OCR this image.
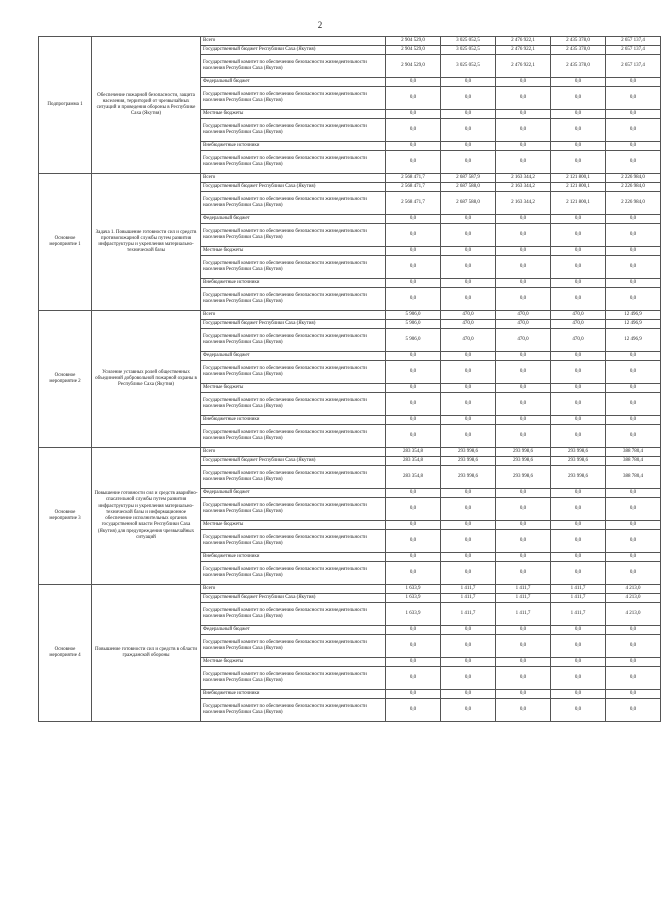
2
Подпрограмма 1	Обеспечение пожарной безопасности, защита населения, территорий от чрезвычайных ситуаций и проведения обороны в Республике Саха (Якутия)	Всего	2 904 529,0	3 025 052,5	2 476 922,1	2 435 378,0	2 657 137,4
		Государственный бюджет Республики Саха (Якутия)	2 904 529,0	3 025 052,5	2 476 922,1	2 435 378,0	2 657 137,4
		Государственный комитет по обеспечению безопасности жизнедеятельности населения Республики Саха (Якутия)	2 904 529,0	3 025 052,5	2 476 922,1	2 435 378,0	2 657 137,4
		Федеральный бюджет	0,0	0,0	0,0	0,0	0,0
		Государственный комитет по обеспечению безопасности жизнедеятельности населения Республики Саха (Якутия)	0,0	0,0	0,0	0,0	0,0
		Местные бюджеты	0,0	0,0	0,0	0,0	0,0
		Государственный комитет по обеспечению безопасности жизнедеятельности населения Республики Саха (Якутия)	0,0	0,0	0,0	0,0	0,0
		Внебюджетные источники	0,0	0,0	0,0	0,0	0,0
		Государственный комитет по обеспечению безопасности жизнедеятельности населения Республики Саха (Якутия)	0,0	0,0	0,0	0,0	0,0
Основное мероприятие 1	Задача 1. Повышение готовности сил и средств противопожарной службы путем развития инфраструктуры и укрепления материально-технической базы	Всего	2 568 471,7	2 687 587,9	2 163 344,2	2 121 800,1	2 226 984,0
		Государственный бюджет Республики Саха (Якутия)	2 568 471,7	2 687 588,0	2 163 344,2	2 121 800,1	2 226 984,0
		Государственный комитет по обеспечению безопасности жизнедеятельности населения Республики Саха (Якутия)	2 568 471,7	2 687 588,0	2 163 344,2	2 121 800,1	2 226 984,0
		Федеральный бюджет	0,0	0,0	0,0	0,0	0,0
		Государственный комитет по обеспечению безопасности жизнедеятельности населения Республики Саха (Якутия)	0,0	0,0	0,0	0,0	0,0
		Местные бюджеты	0,0	0,0	0,0	0,0	0,0
		Государственный комитет по обеспечению безопасности жизнедеятельности населения Республики Саха (Якутия)	0,0	0,0	0,0	0,0	0,0
		Внебюджетные источники	0,0	0,0	0,0	0,0	0,0
		Государственный комитет по обеспечению безопасности жизнедеятельности населения Республики Саха (Якутия)	0,0	0,0	0,0	0,0	0,0
Основное мероприятие 2	Усиление уставных ролей общественных объединений добровольной пожарной охраны в Республике Саха (Якутия)	Всего	5 906,0	470,0	470,0	470,0	12 496,9
		Государственный бюджет Республики Саха (Якутия)	5 906,0	470,0	470,0	470,0	12 496,9
		Государственный комитет по обеспечению безопасности жизнедеятельности населения Республики Саха (Якутия)	5 906,0	470,0	470,0	470,0	12 496,9
		Федеральный бюджет	0,0	0,0	0,0	0,0	0,0
		Государственный комитет по обеспечению безопасности жизнедеятельности населения Республики Саха (Якутия)	0,0	0,0	0,0	0,0	0,0
		Местные бюджеты	0,0	0,0	0,0	0,0	0,0
		Государственный комитет по обеспечению безопасности жизнедеятельности населения Республики Саха (Якутия)	0,0	0,0	0,0	0,0	0,0
		Внебюджетные источники	0,0	0,0	0,0	0,0	0,0
		Государственный комитет по обеспечению безопасности жизнедеятельности населения Республики Саха (Якутия)	0,0	0,0	0,0	0,0	0,0
Основное мероприятие 3	Повышение готовности сил и средств аварийно-спасательной службы путем развития инфраструктуры и укрепления материально-технической базы и информационное обеспечение исполнительных органов государственной власти Республики Саха (Якутия) для предупреждения чрезвычайных ситуаций	Всего	283 354,8	293 998,6	293 998,6	293 998,6	388 780,4
		Государственный бюджет Республики Саха (Якутия)	283 354,8	293 998,6	293 998,6	293 998,6	388 780,4
		Государственный комитет по обеспечению безопасности жизнедеятельности населения Республики Саха (Якутия)	283 354,8	293 998,6	293 998,6	293 998,6	388 780,4
		Федеральный бюджет	0,0	0,0	0,0	0,0	0,0
		Государственный комитет по обеспечению безопасности жизнедеятельности населения Республики Саха (Якутия)	0,0	0,0	0,0	0,0	0,0
		Местные бюджеты	0,0	0,0	0,0	0,0	0,0
		Государственный комитет по обеспечению безопасности жизнедеятельности населения Республики Саха (Якутия)	0,0	0,0	0,0	0,0	0,0
		Внебюджетные источники	0,0	0,0	0,0	0,0	0,0
		Государственный комитет по обеспечению безопасности жизнедеятельности населения Республики Саха (Якутия)	0,0	0,0	0,0	0,0	0,0
Основное мероприятие 4	Повышение готовности сил и средств в области гражданской обороны	Всего	1 633,9	1 411,7	1 411,7	1 411,7	4 213,0
		Государственный бюджет Республики Саха (Якутия)	1 633,9	1 411,7	1 411,7	1 411,7	4 213,0
		Государственный комитет по обеспечению безопасности жизнедеятельности населения Республики Саха (Якутия)	1 633,9	1 411,7	1 411,7	1 411,7	4 213,0
		Федеральный бюджет	0,0	0,0	0,0	0,0	0,0
		Государственный комитет по обеспечению безопасности жизнедеятельности населения Республики Саха (Якутия)	0,0	0,0	0,0	0,0	0,0
		Местные бюджеты	0,0	0,0	0,0	0,0	0,0
		Государственный комитет по обеспечению безопасности жизнедеятельности населения Республики Саха (Якутия)	0,0	0,0	0,0	0,0	0,0
		Внебюджетные источники	0,0	0,0	0,0	0,0	0,0
		Государственный комитет по обеспечению безопасности жизнедеятельности населения Республики Саха (Якутия)	0,0	0,0	0,0	0,0	0,0
